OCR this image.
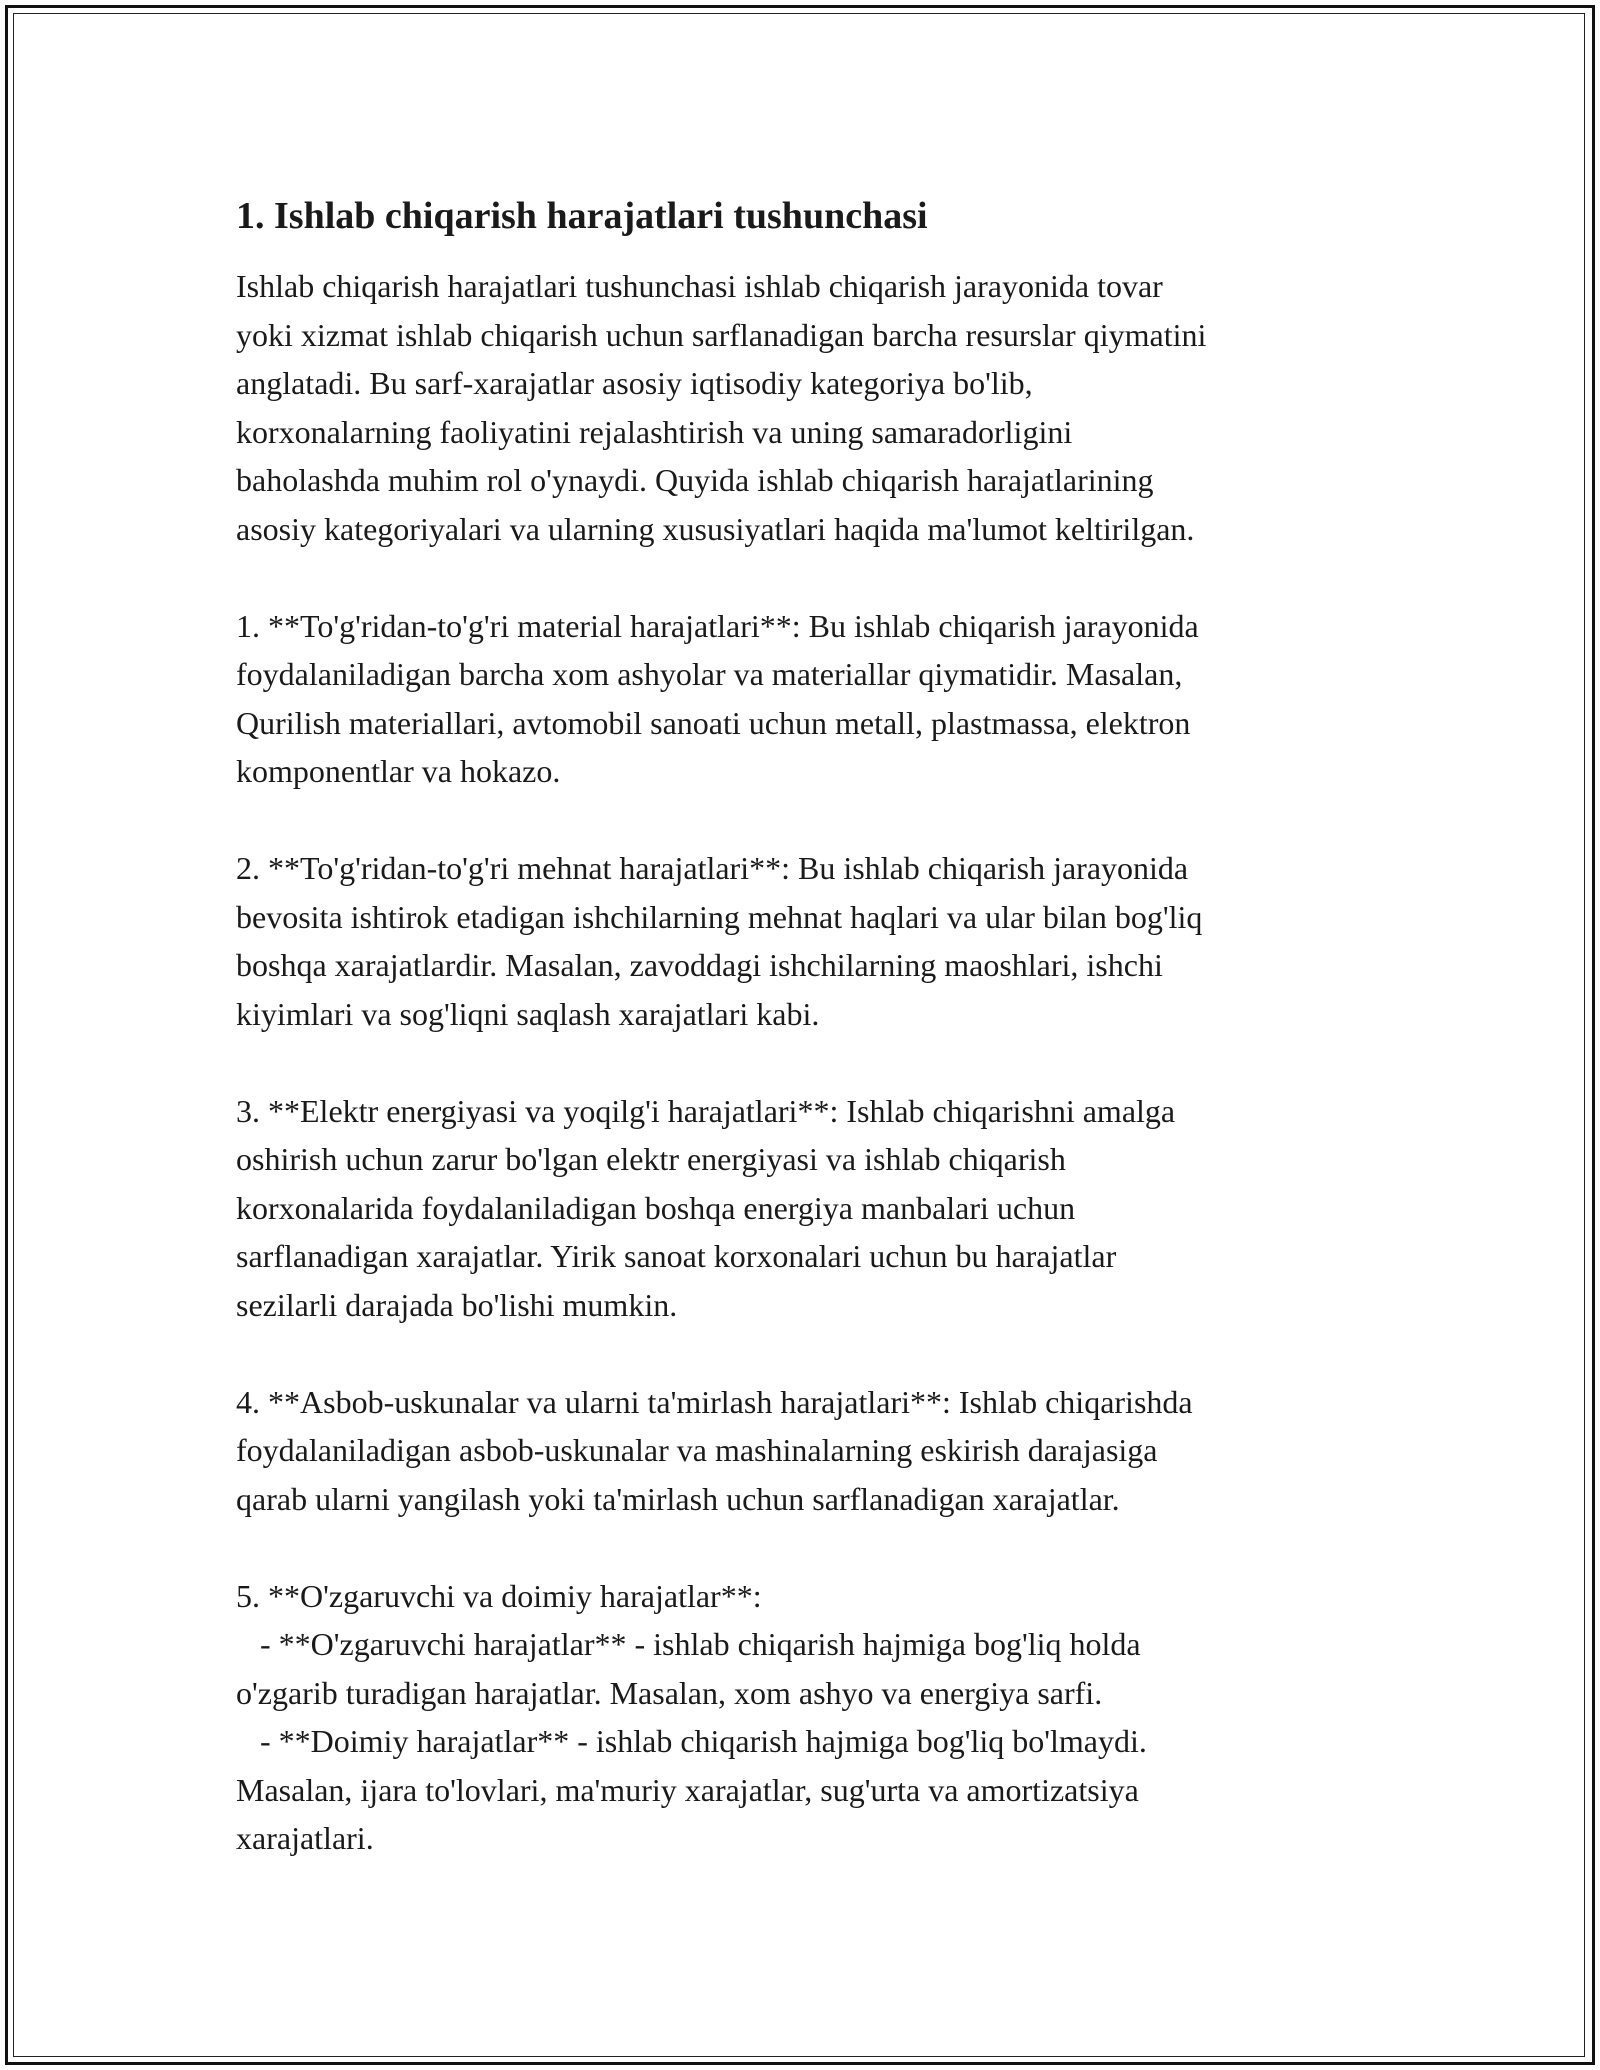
1. Ishlab chiqarish harajatlari tushunchasi

Ishlab chiqarish harajatlari tushunchasi ishlab chiqarish jarayonida tovar
yoki xizmat ishlab chiqarish uchun sarflanadigan barcha resurslar qiymatini
anglatadi. Bu sarf-xarajatlar asosiy iqtisodiy kategoriya bo'lib,
korxonalarning faoliyatini rejalashtirish va uning samaradorligini
baholashda muhim rol o'ynaydi. Quyida ishlab chiqarish harajatlarining
asosiy kategoriyalari va ularning xususiyatlari haqida ma'lumot keltirilgan.

1. **To'g'ridan-to'g'ri material harajatlari**: Bu ishlab chiqarish jarayonida
foydalaniladigan barcha xom ashyolar va materiallar qiymatidir. Masalan,
Qurilish materiallari, avtomobil sanoati uchun metall, plastmassa, elektron
komponentlar va hokazo.

2. **To'g'ridan-to'g'ri mehnat harajatlari**: Bu ishlab chiqarish jarayonida
bevosita ishtirok etadigan ishchilarning mehnat haqlari va ular bilan bog'liq
boshqa xarajatlardir. Masalan, zavoddagi ishchilarning maoshlari, ishchi
kiyimlari va sog'liqni saqlash xarajatlari kabi.

3. **Elektr energiyasi va yoqilg'i harajatlari**: Ishlab chiqarishni amalga
oshirish uchun zarur bo'lgan elektr energiyasi va ishlab chiqarish
korxonalarida foydalaniladigan boshqa energiya manbalari uchun
sarflanadigan xarajatlar. Yirik sanoat korxonalari uchun bu harajatlar
sezilarli darajada bo'lishi mumkin.

4. **Asbob-uskunalar va ularni ta'mirlash harajatlari**: Ishlab chiqarishda
foydalaniladigan asbob-uskunalar va mashinalarning eskirish darajasiga
qarab ularni yangilash yoki ta'mirlash uchun sarflanadigan xarajatlar.

5. **O'zgaruvchi va doimiy harajatlar**:
- **O'zgaruvchi harajatlar** - ishlab chiqarish hajmiga bog'liq holda
o'zgarib turadigan harajatlar. Masalan, xom ashyo va energiya sarfi.
- **Doimiy harajatlar** - ishlab chiqarish hajmiga bog'liq bo'lmaydi.
Masalan, ijara to'lovlari, ma'muriy xarajatlar, sug'urta va amortizatsiya
xarajatlari.
